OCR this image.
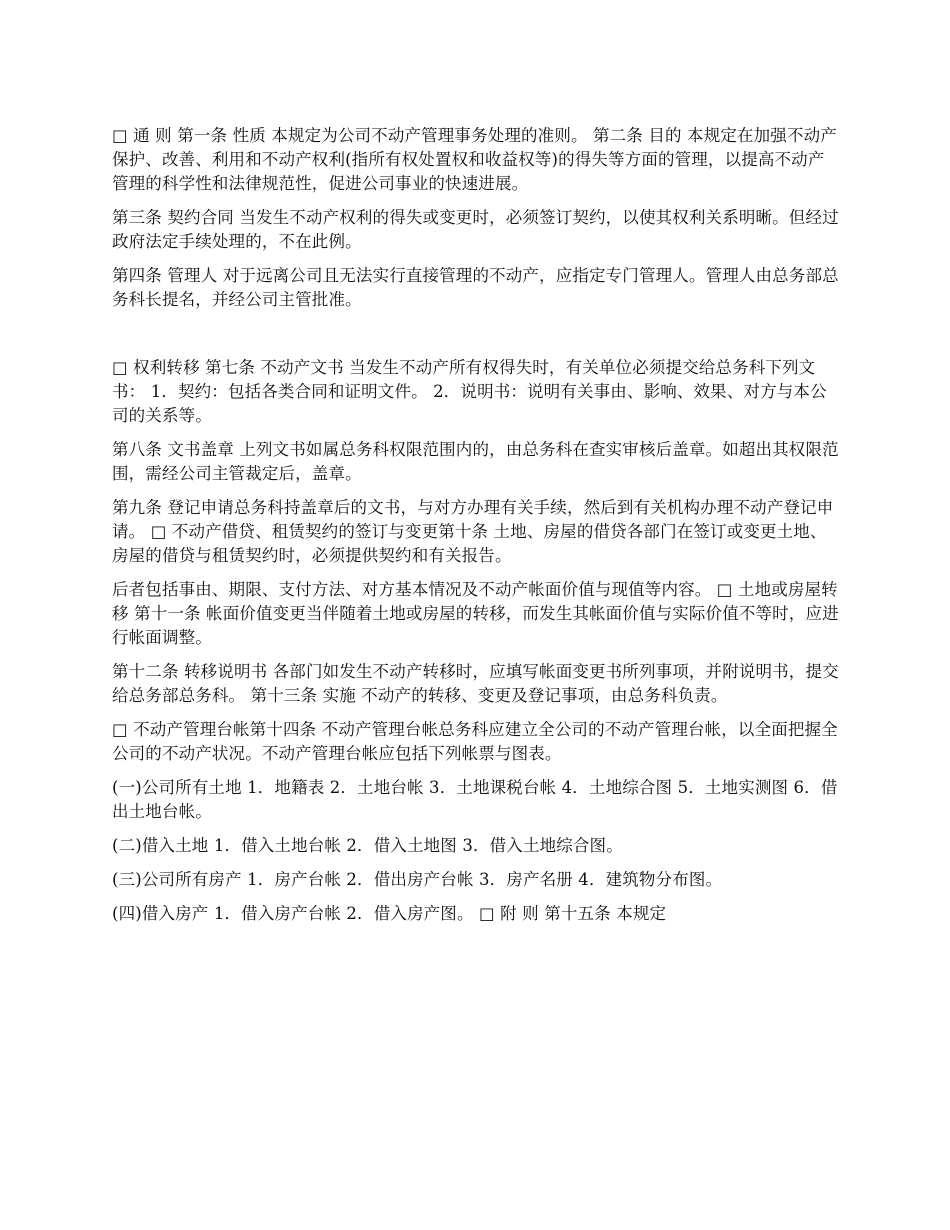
□ 通 则 第一条 性质 本规定为公司不动产管理事务处理的准则。 第二条 目的 本规定在加强不动产保护、改善、利用和不动产权利(指所有权处置权和收益权等)的得失等方面的管理，以提高不动产管理的科学性和法律规范性，促进公司事业的快速进展。

第三条 契约合同 当发生不动产权利的得失或变更时，必须签订契约，以使其权利关系明晰。但经过政府法定手续处理的，不在此例。

第四条 管理人 对于远离公司且无法实行直接管理的不动产，应指定专门管理人。管理人由总务部总务科长提名，并经公司主管批准。

□ 权利转移 第七条 不动产文书 当发生不动产所有权得失时，有关单位必须提交给总务科下列文书： 1．契约：包括各类合同和证明文件。 2．说明书：说明有关事由、影响、效果、对方与本公司的关系等。

第八条 文书盖章 上列文书如属总务科权限范围内的，由总务科在查实审核后盖章。如超出其权限范围，需经公司主管裁定后，盖章。

第九条 登记申请总务科持盖章后的文书，与对方办理有关手续，然后到有关机构办理不动产登记申请。 □ 不动产借贷、租赁契约的签订与变更第十条 土地、房屋的借贷各部门在签订或变更土地、房屋的借贷与租赁契约时，必须提供契约和有关报告。

后者包括事由、期限、支付方法、对方基本情况及不动产帐面价值与现值等内容。 □ 土地或房屋转移 第十一条 帐面价值变更当伴随着土地或房屋的转移，而发生其帐面价值与实际价值不等时，应进行帐面调整。

第十二条 转移说明书 各部门如发生不动产转移时，应填写帐面变更书所列事项，并附说明书，提交给总务部总务科。 第十三条 实施 不动产的转移、变更及登记事项，由总务科负责。

□ 不动产管理台帐第十四条 不动产管理台帐总务科应建立全公司的不动产管理台帐，以全面把握全公司的不动产状况。不动产管理台帐应包括下列帐票与图表。

(一)公司所有土地 1．地籍表 2．土地台帐 3．土地课税台帐 4．土地综合图 5．土地实测图 6．借出土地台帐。

(二)借入土地 1．借入土地台帐 2．借入土地图 3．借入土地综合图。

(三)公司所有房产 1．房产台帐 2．借出房产台帐 3．房产名册 4．建筑物分布图。

(四)借入房产 1．借入房产台帐 2．借入房产图。 □ 附 则 第十五条 本规定
